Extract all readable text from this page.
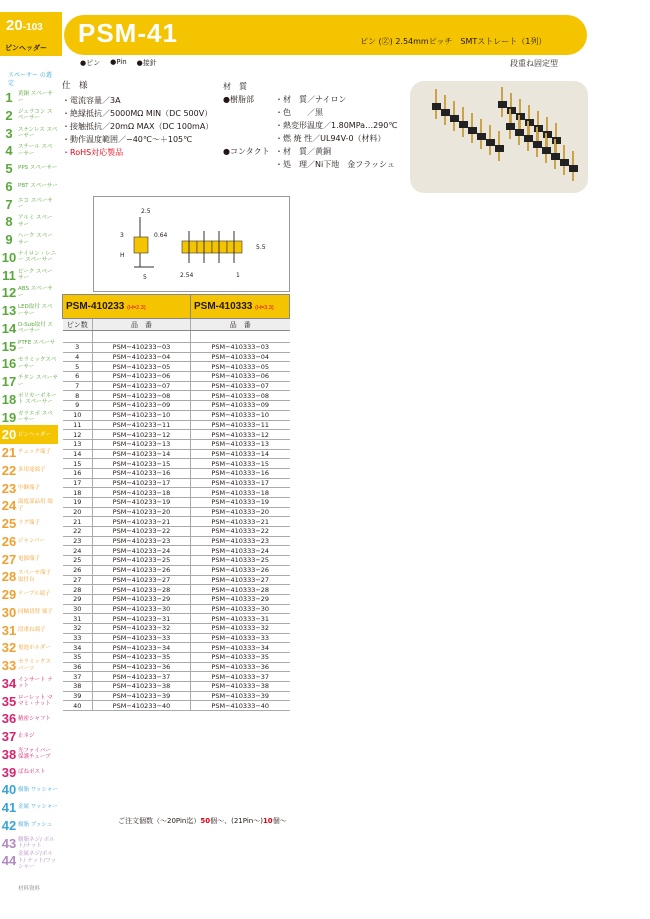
20-103
ピンヘッダー
スペーサー の選定
1 黄銅 スペーサー
2 ジュラコン スペーサー
3 ステンレス スペーサー
4 スチール スペーサー
5 PPS スペーサー
6 PBT スペーサー
7 エコ スペーサー
8 アルミ スペーサー
9 ヘーク スペーサー
10 ナイロン・レニー スペーサー
11 ピーク スペーサー
12 ABS スペーサー
13 LED取付 スペーサー
14 D-Sub取付 スペーサー
15 PTFE スペーサー
16 セラミックスペーサー
17 チタン スペーサー
18 ポリカーボネート スペーサー
19 ガラエポ スペーサー
20 ピンヘッダー
21 チェック端子
22 多用途端子
23 中継端子
24 温度部品用 端子
25 ラグ端子
26 ジャンパー
27 電源端子
28 スペーサ端子 取付台
29 ケーブル端子
30 同軸切替 端子
31 段重ね端子
32 電池ホルダー
33 セラミックス パーツ
34 インサート ナット
35 ローレット ママミ・ナット
36 精密シャフト
37 止ネジ
38 光ファイバー 保護チューブ
39 ばねポスト
40 樹脂 ワッシャー
41 金属 ワッシャー
42 樹脂 ブッシュ
43 樹脂ネジ/ ボルト/ナット
44 金属ネジ/ボルト/ ナット/ワッシャー
材料資料
PSM-41	ピン (Ⓩ) 2.54mmピッチ　SMTストレート（1列）
●ピン ●Pin ●接針	段重ね固定型
仕　様
・電流容量／3A
・絶縁抵抗／5000MΩ MIN（DC 500V）
・接触抵抗／20mΩ MAX（DC 100mA）
・動作温度範囲／−40℃〜＋105℃
・RoHS対応製品
材　質
●樹脂部	・材　質／ナイロン
・色　　／黒
・熱変形温度／1.80MPa…290℃
・燃 焼 性／UL94V-0（材料）
●コンタクト ・材　質／黄銅
・処　理／Ni下地　金フラッシュ
2.5
0.64
3
H
5	2.54	1
5.5
PSM-410233 (H=2.3)		PSM-410333 (H=3.3)
ピン数	品　番	品　番

3	PSM−410233−03	PSM−410333−03
4	PSM−410233−04	PSM−410333−04
5	PSM−410233−05	PSM−410333−05
6	PSM−410233−06	PSM−410333−06
7	PSM−410233−07	PSM−410333−07
8	PSM−410233−08	PSM−410333−08
9	PSM−410233−09	PSM−410333−09
10	PSM−410233−10	PSM−410333−10
11	PSM−410233−11	PSM−410333−11
12	PSM−410233−12	PSM−410333−12
13	PSM−410233−13	PSM−410333−13
14	PSM−410233−14	PSM−410333−14
15	PSM−410233−15	PSM−410333−15
16	PSM−410233−16	PSM−410333−16
17	PSM−410233−17	PSM−410333−17
18	PSM−410233−18	PSM−410333−18
19	PSM−410233−19	PSM−410333−19
20	PSM−410233−20	PSM−410333−20
21	PSM−410233−21	PSM−410333−21
22	PSM−410233−22	PSM−410333−22
23	PSM−410233−23	PSM−410333−23
24	PSM−410233−24	PSM−410333−24
25	PSM−410233−25	PSM−410333−25
26	PSM−410233−26	PSM−410333−26
27	PSM−410233−27	PSM−410333−27
28	PSM−410233−28	PSM−410333−28
29	PSM−410233−29	PSM−410333−29
30	PSM−410233−30	PSM−410333−30
31	PSM−410233−31	PSM−410333−31
32	PSM−410233−32	PSM−410333−32
33	PSM−410233−33	PSM−410333−33
34	PSM−410233−34	PSM−410333−34
35	PSM−410233−35	PSM−410333−35
36	PSM−410233−36	PSM−410333−36
37	PSM−410233−37	PSM−410333−37
38	PSM−410233−38	PSM−410333−38
39	PSM−410233−39	PSM−410333−39
40	PSM−410233−40	PSM−410333−40
ご注文個数（〜20Pin迄）50個〜、(21Pin〜)10個〜
